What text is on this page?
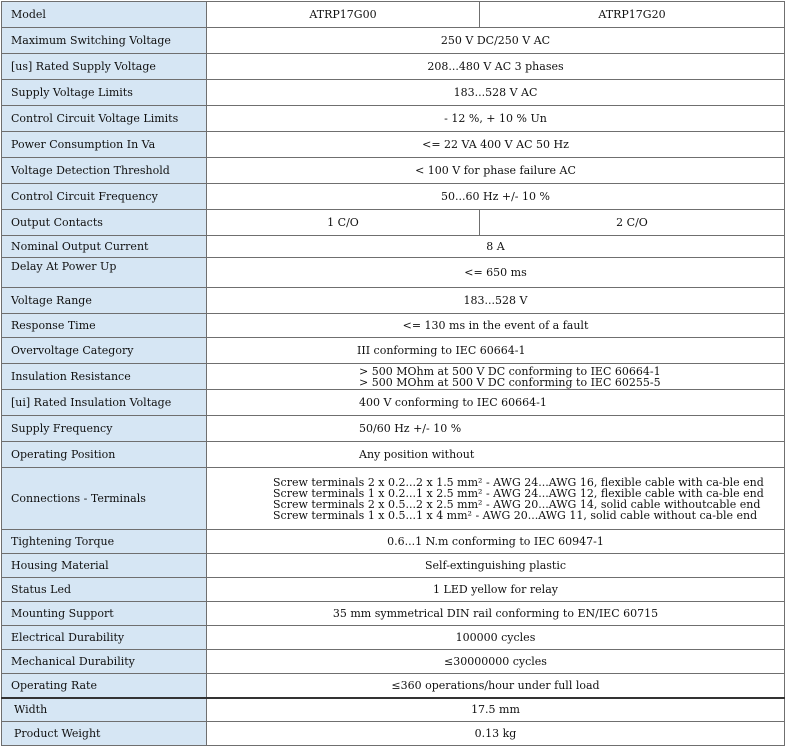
Model	ATRP17G00	ATRP17G20
Maximum Switching Voltage	250 V DC/250 V AC	
[us] Rated Supply Voltage	208...480 V AC 3 phases	
Supply Voltage Limits	183...528 V AC	
Control Circuit Voltage Limits	- 12 %, + 10 % Un	
Power Consumption In Va	<= 22 VA 400 V AC 50 Hz	
Voltage Detection Threshold	< 100 V for phase failure AC	
Control Circuit Frequency	50...60 Hz +/- 10 %	
Output Contacts	1 C/O	2 C/O
Nominal Output Current	8 A	
Delay At Power Up	<= 650 ms	
Voltage Range	183...528 V	
Response Time	<= 130 ms in the event of a fault	
Overvoltage Category	III conforming to IEC 60664-1	
Insulation Resistance	> 500 MOhm at 500 V DC conforming to IEC 60664-1
> 500 MOhm at 500 V DC conforming to IEC 60255-5	

[ui] Rated Insulation Voltage	400 V conforming to IEC 60664-1	
Supply Frequency	50/60 Hz +/- 10 %	
Operating Position	Any position without	
Connections - Terminals	Screw terminals 2 x 0.2...2 x 1.5 mm² - AWG 24...AWG 16, flexible cable with ca-ble end
Screw terminals 1 x 0.2...1 x 2.5 mm² - AWG 24...AWG 12, flexible cable with ca-ble end
Screw terminals 2 x 0.5...2 x 2.5 mm² - AWG 20...AWG 14, solid cable withoutcable end
Screw terminals 1 x 0.5...1 x 4 mm² - AWG 20...AWG 11, solid cable without ca-ble end	

Tightening Torque	0.6...1 N.m conforming to IEC 60947-1	
Housing Material	Self-extinguishing plastic	
Status Led	1 LED yellow for relay	
Mounting Support	35 mm symmetrical DIN rail conforming to EN/IEC 60715	
Electrical Durability	100000 cycles	
Mechanical Durability	≤30000000 cycles	
Operating Rate	≤360 operations/hour under full load	
Width	17.5 mm	
Product Weight	0.13 kg	
